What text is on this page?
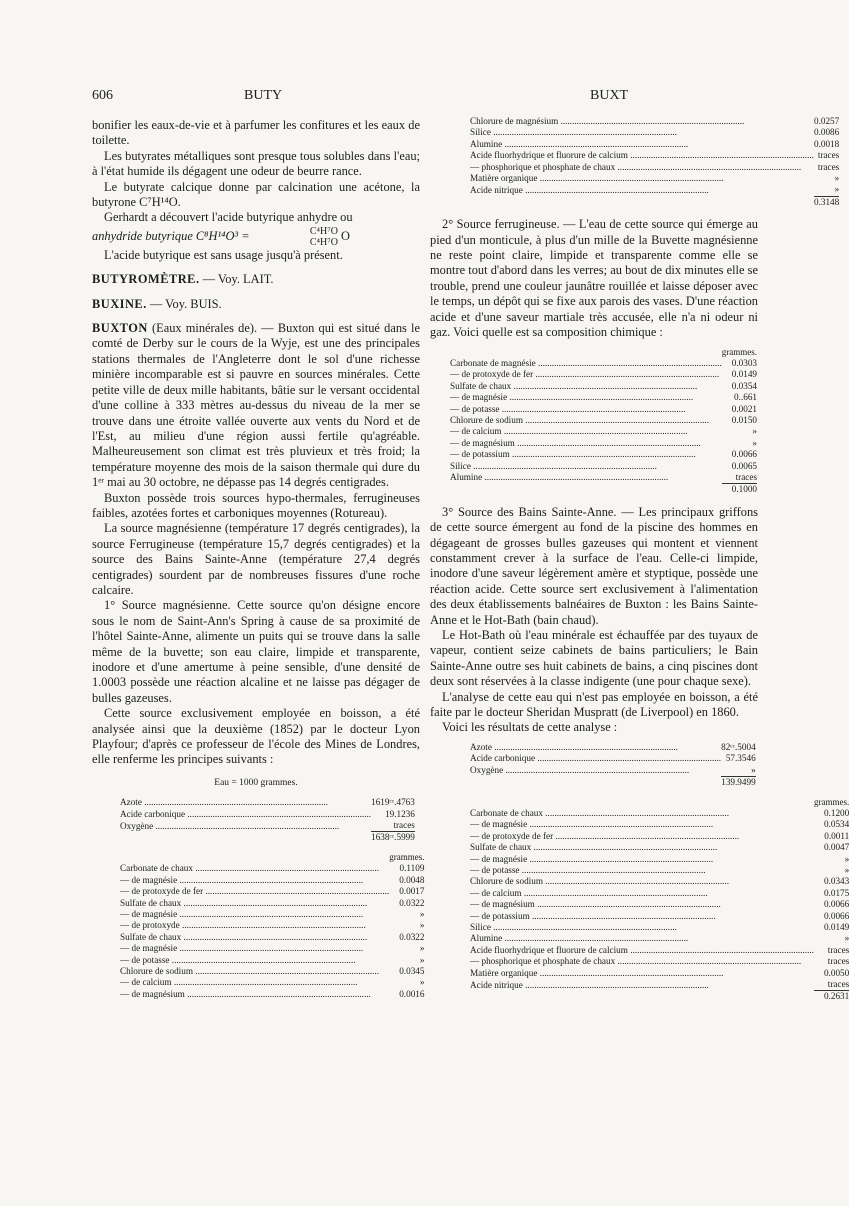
606	BUTY	BUXT

bonifier les eaux-de-vie et à parfumer les confitures et les eaux de toilette.

Les butyrates métalliques sont presque tous solubles dans l'eau; à l'état humide ils dégagent une odeur de beurre rance.

Le butyrate calcique donne par calcination une acétone, la butyrone C⁷H¹⁴O.

Gerhardt a découvert l'acide butyrique anhydre ou

anhydride butyrique C⁸H¹⁴O³ =	C⁴H⁷O
C⁴H⁷O O

L'acide butyrique est sans usage jusqu'à présent.

BUTYROMÈTRE. — Voy. LAIT.

BUXINE. — Voy. BUIS.

BUXTON (Eaux minérales de). — Buxton qui est situé dans le comté de Derby sur le cours de la Wyje, est une des principales stations thermales de l'Angleterre dont le sol d'une richesse minière incomparable est si pauvre en sources minérales. Cette petite ville de deux mille habitants, bâtie sur le versant occidental d'une colline à 333 mètres au-dessus du niveau de la mer se trouve dans une étroite vallée ouverte aux vents du Nord et de l'Est, au milieu d'une région aussi fertile qu'agréable. Malheureusement son climat est très pluvieux et très froid; la température moyenne des mois de la saison thermale qui dure du 1ᵉʳ mai au 30 octobre, ne dépasse pas 14 degrés centigrades.

Buxton possède trois sources hypo-thermales, ferrugineuses faibles, azotées fortes et carboniques moyennes (Rotureau).

La source magnésienne (température 17 degrés centigrades), la source Ferrugineuse (température 15,7 degrés centigrades) et la source des Bains Sainte-Anne (température 27,4 degrés centigrades) sourdent par de nombreuses fissures d'une roche calcaire.

1° Source magnésienne. Cette source qu'on désigne encore sous le nom de Saint-Ann's Spring à cause de sa proximité de l'hôtel Sainte-Anne, alimente un puits qui se trouve dans la salle même de la buvette; son eau claire, limpide et transparente, inodore et d'une amertume à peine sensible, d'une densité de 1.0003 possède une réaction alcaline et ne laisse pas dégager de bulles gazeuses.

Cette source exclusivement employée en boisson, a été analysée ainsi que la deuxième (1852) par le docteur Lyon Playfour; d'après ce professeur de l'école des Mines de Londres, elle renferme les principes suivants :

Eau = 1000 grammes.
Azote ................................................................................	1619ᶜᶜ.4763
Acide carbonique ................................................................................	19.1236
Oxygène ................................................................................	traces
	1638ᶜᶜ.5999
	grammes.
Carbonate de chaux ................................................................................	0.1109
— de magnésie ................................................................................	0.0048
— de protoxyde de fer ................................................................................	0.0017
Sulfate de chaux ................................................................................	0.0322
— de magnésie ................................................................................	»
— de protoxyde ................................................................................	»
Sulfate de chaux ................................................................................	0.0322
— de magnésie ................................................................................	»
— de potasse ................................................................................	»
Chlorure de sodium ................................................................................	0.0345
— de calcium ................................................................................	»
— de magnésium ................................................................................	0.0016
Chlorure de magnésium ................................................................................	0.0257
Silice ................................................................................	0.0086
Alumine ................................................................................	0.0018
Acide fluorhydrique et fluorure de calcium ................................................................................	traces
— phosphorique et phosphate de chaux ................................................................................	traces
Matière organique ................................................................................	»
Acide nitrique ................................................................................	»
	0.3148

2° Source ferrugineuse. — L'eau de cette source qui émerge au pied d'un monticule, à plus d'un mille de la Buvette magnésienne ne reste point claire, limpide et transparente comme elle se montre tout d'abord dans les verres; au bout de dix minutes elle se trouble, prend une couleur jaunâtre rouillée et laisse déposer avec le temps, un dépôt qui se fixe aux parois des vases. D'une réaction acide et d'une saveur martiale très accusée, elle n'a ni odeur ni gaz. Voici quelle est sa composition chimique :

	grammes.
Carbonate de magnésie ................................................................................	0.0303
— de protoxyde de fer ................................................................................	0.0149
Sulfate de chaux ................................................................................	0.0354
— de magnésie ................................................................................	0..661
— de potasse ................................................................................	0.0021
Chlorure de sodium ................................................................................	0.0150
— de calcium ................................................................................	»
— de magnésium ................................................................................	»
— de potassium ................................................................................	0.0066
Silice ................................................................................	0.0065
Alumine ................................................................................	traces
	0.1000

3° Source des Bains Sainte-Anne. — Les principaux griffons de cette source émergent au fond de la piscine des hommes en dégageant de grosses bulles gazeuses qui montent et viennent constamment crever à la surface de l'eau. Celle-ci limpide, inodore d'une saveur légèrement amère et styptique, possède une réaction acide. Cette source sert exclusivement à l'alimentation des deux établissements balnéaires de Buxton : les Bains Sainte-Anne et le Hot-Bath (bain chaud).

Le Hot-Bath où l'eau minérale est échauffée par des tuyaux de vapeur, contient seize cabinets de bains particuliers; le Bain Sainte-Anne outre ses huit cabinets de bains, a cinq piscines dont deux sont réservées à la classe indigente (une pour chaque sexe).

L'analyse de cette eau qui n'est pas employée en boisson, a été faite par le docteur Sheridan Muspratt (de Liverpool) en 1860.

Voici les résultats de cette analyse :

Azote ................................................................................	82ᶜᶜ.5004
Acide carbonique ................................................................................	57.3546
Oxygène ................................................................................	»
	139.9499
	grammes.
Carbonate de chaux ................................................................................	0.1200
— de magnésie ................................................................................	0.0534
— de protoxyde de fer ................................................................................	0.0011
Sulfate de chaux ................................................................................	0.0047
— de magnésie ................................................................................	»
— de potasse ................................................................................	»
Chlorure de sodium ................................................................................	0.0343
— de calcium ................................................................................	0.0175
— de magnésium ................................................................................	0.0066
— de potassium ................................................................................	0.0066
Silice ................................................................................	0.0149
Alumine ................................................................................	»
Acide fluorhydrique et fluorure de calcium ................................................................................	traces
— phosphorique et phosphate de chaux ................................................................................	traces
Matière organique ................................................................................	0.0050
Acide nitrique ................................................................................	traces
	0.2631
